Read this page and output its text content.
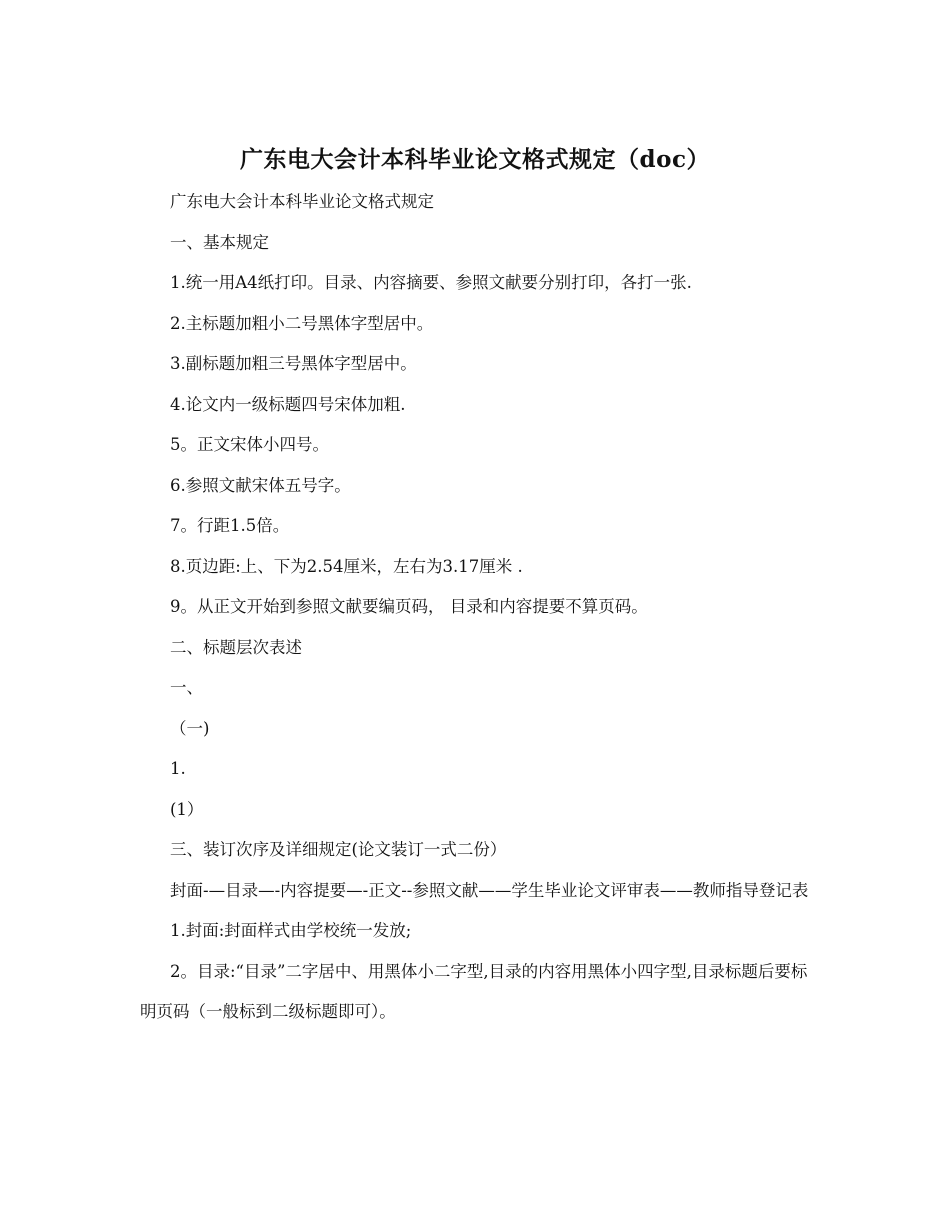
广东电大会计本科毕业论文格式规定（doc）

广东电大会计本科毕业论文格式规定

一、基本规定

1.统一用A4纸打印。目录、内容摘要、参照文献要分别打印，各打一张.

2.主标题加粗小二号黑体字型居中。

3.副标题加粗三号黑体字型居中。

4.论文内一级标题四号宋体加粗.

5。正文宋体小四号。

6.参照文献宋体五号字。

7。行距1.5倍。

8.页边距:上、下为2.54厘米，左右为3.17厘米 .

9。从正文开始到参照文献要编页码， 目录和内容提要不算页码。

二、标题层次表述

一、

（一)

1.

(1）

三、装订次序及详细规定(论文装订一式二份）

封面-—目录—-内容提要—-正文--参照文献——学生毕业论文评审表——教师指导登记表

1.封面:封面样式由学校统一发放;

2。目录:“目录”二字居中、用黑体小二字型,目录的内容用黑体小四字型,目录标题后要标明页码（一般标到二级标题即可）。
